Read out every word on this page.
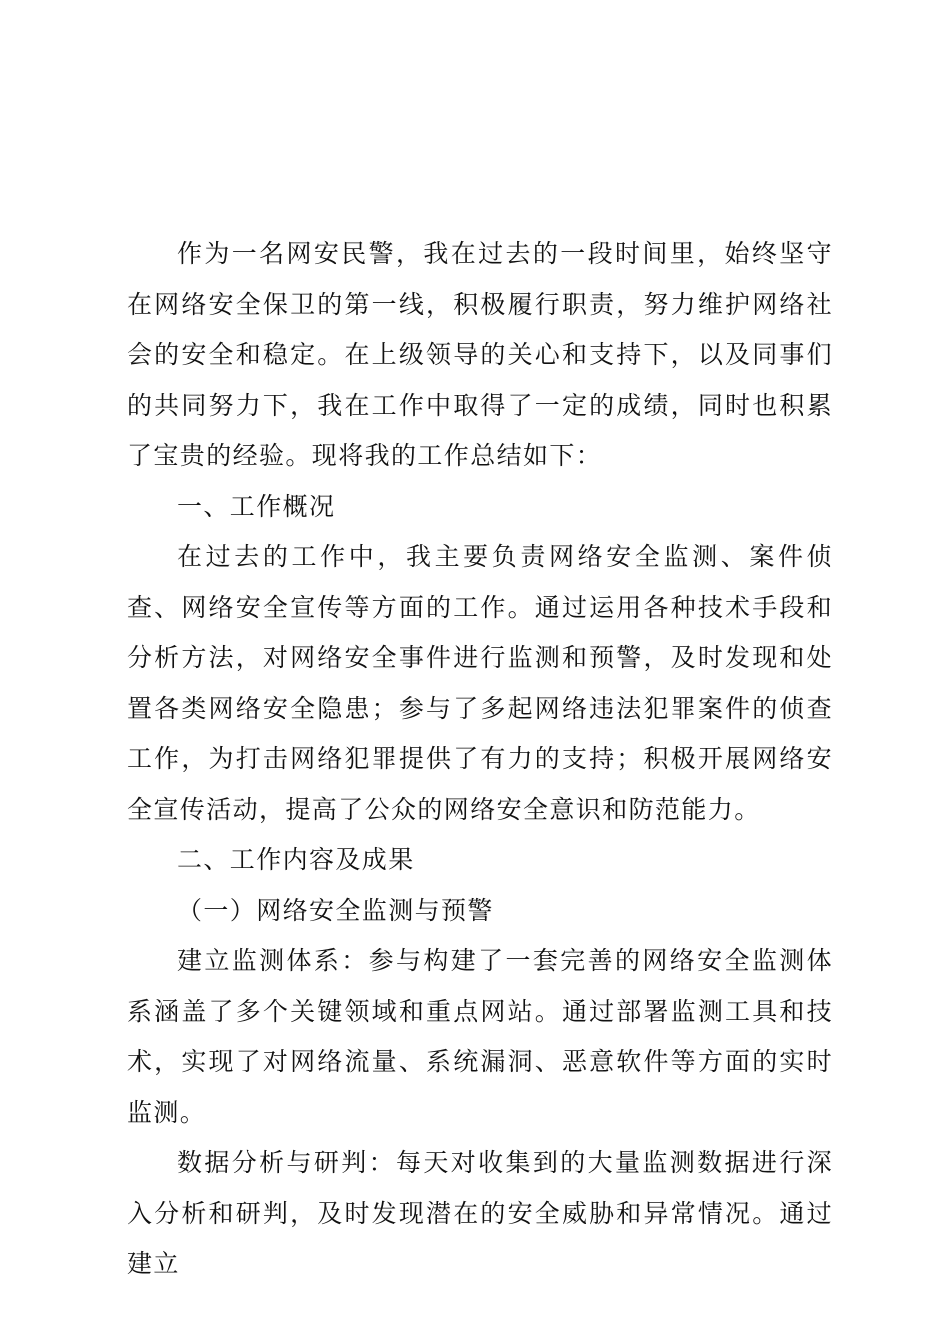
作为一名网安民警，我在过去的一段时间里，始终坚守在网络安全保卫的第一线，积极履行职责，努力维护网络社会的安全和稳定。在上级领导的关心和支持下，以及同事们的共同努力下，我在工作中取得了一定的成绩，同时也积累了宝贵的经验。现将我的工作总结如下：

一、工作概况

在过去的工作中，我主要负责网络安全监测、案件侦查、网络安全宣传等方面的工作。通过运用各种技术手段和分析方法，对网络安全事件进行监测和预警，及时发现和处置各类网络安全隐患；参与了多起网络违法犯罪案件的侦查工作，为打击网络犯罪提供了有力的支持；积极开展网络安全宣传活动，提高了公众的网络安全意识和防范能力。

二、工作内容及成果

（一）网络安全监测与预警

建立监测体系：参与构建了一套完善的网络安全监测体系涵盖了多个关键领域和重点网站。通过部署监测工具和技术，实现了对网络流量、系统漏洞、恶意软件等方面的实时监测。

数据分析与研判：每天对收集到的大量监测数据进行深入分析和研判，及时发现潜在的安全威胁和异常情况。通过建立
